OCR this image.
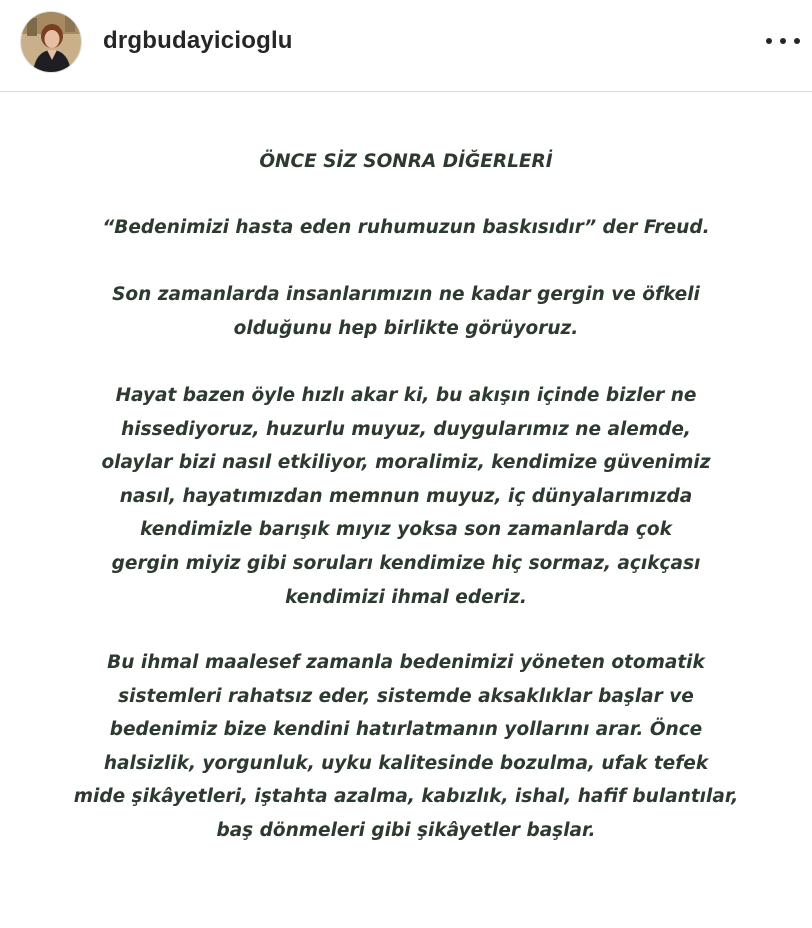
drgbudayicioglu

ÖNCE SİZ SONRA DİĞERLERİ

“Bedenimizi hasta eden ruhumuzun baskısıdır” der Freud.

Son zamanlarda insanlarımızın ne kadar gergin ve öfkeli
olduğunu hep birlikte görüyoruz.

Hayat bazen öyle hızlı akar ki, bu akışın içinde bizler ne
hissediyoruz, huzurlu muyuz, duygularımız ne alemde,
olaylar bizi nasıl etkiliyor, moralimiz, kendimize güvenimiz
nasıl, hayatımızdan memnun muyuz, iç dünyalarımızda
kendimizle barışık mıyız yoksa son zamanlarda çok
gergin miyiz gibi soruları kendimize hiç sormaz, açıkçası
kendimizi ihmal ederiz.

Bu ihmal maalesef zamanla bedenimizi yöneten otomatik
sistemleri rahatsız eder, sistemde aksaklıklar başlar ve
bedenimiz bize kendini hatırlatmanın yollarını arar. Önce
halsizlik, yorgunluk, uyku kalitesinde bozulma, ufak tefek
mide şikâyetleri, iştahta azalma, kabızlık, ishal, hafif bulantılar,
baş dönmeleri gibi şikâyetler başlar.
